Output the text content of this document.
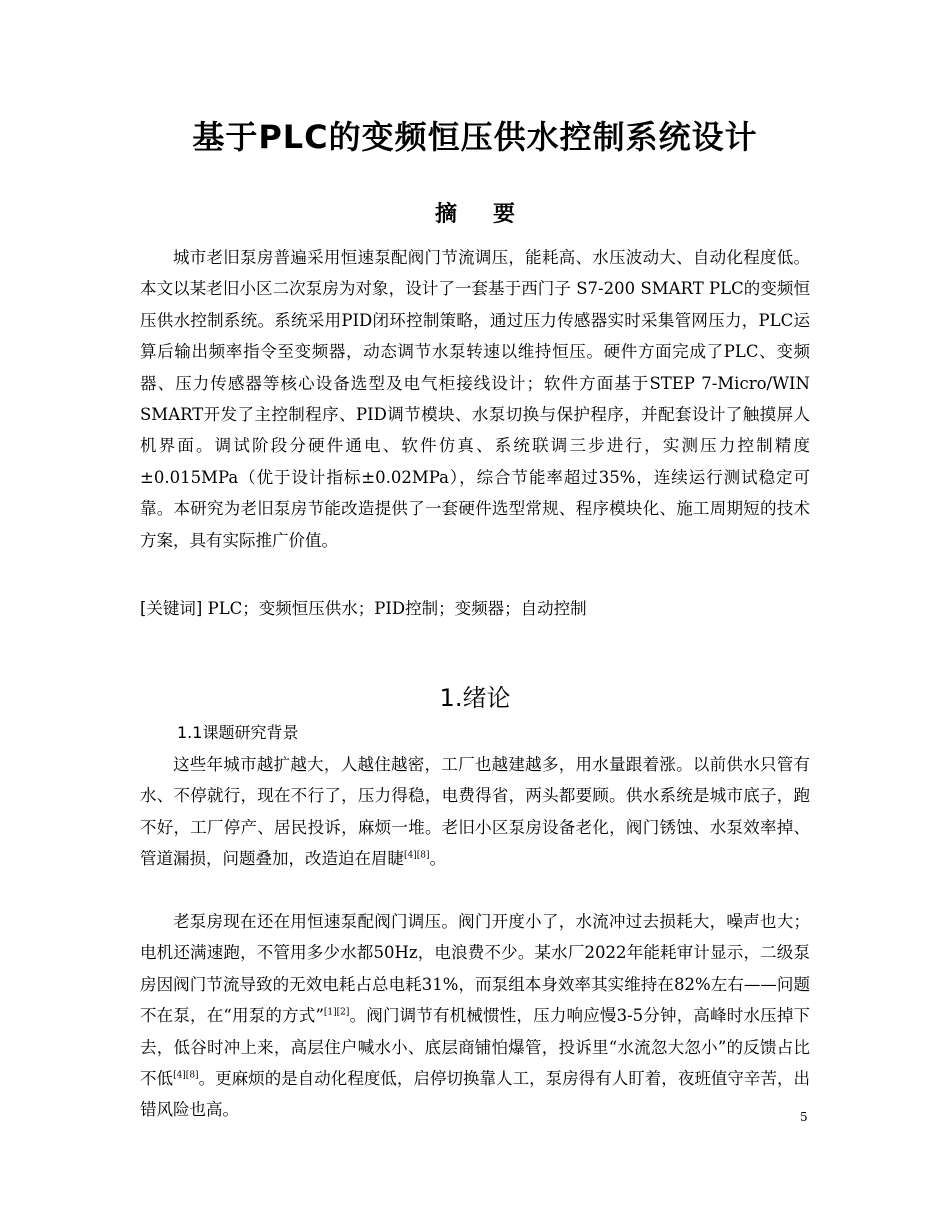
基于PLC的变频恒压供水控制系统设计
摘要

城市老旧泵房普遍采用恒速泵配阀门节流调压，能耗高、水压波动大、自动化程度低。本文以某老旧小区二次泵房为对象，设计了一套基于西门子 S7-200 SMART PLC的变频恒压供水控制系统。系统采用PID闭环控制策略，通过压力传感器实时采集管网压力，PLC运算后输出频率指令至变频器，动态调节水泵转速以维持恒压。硬件方面完成了PLC、变频器、压力传感器等核心设备选型及电气柜接线设计；软件方面基于STEP 7-Micro/WIN SMART开发了主控制程序、PID调节模块、水泵切换与保护程序，并配套设计了触摸屏人机界面。调试阶段分硬件通电、软件仿真、系统联调三步进行，实测压力控制精度±0.015MPa（优于设计指标±0.02MPa），综合节能率超过35%，连续运行测试稳定可靠。本研究为老旧泵房节能改造提供了一套硬件选型常规、程序模块化、施工周期短的技术方案，具有实际推广价值。

[关键词] PLC；变频恒压供水；PID控制；变频器；自动控制

1.绪论
1.1课题研究背景

这些年城市越扩越大，人越住越密，工厂也越建越多，用水量跟着涨。以前供水只管有水、不停就行，现在不行了，压力得稳，电费得省，两头都要顾。供水系统是城市底子，跑不好，工厂停产、居民投诉，麻烦一堆。老旧小区泵房设备老化，阀门锈蚀、水泵效率掉、管道漏损，问题叠加，改造迫在眉睫[4][8]。

老泵房现在还在用恒速泵配阀门调压。阀门开度小了，水流冲过去损耗大，噪声也大；电机还满速跑，不管用多少水都50Hz，电浪费不少。某水厂2022年能耗审计显示，二级泵房因阀门节流导致的无效电耗占总电耗31%，而泵组本身效率其实维持在82%左右——问题不在泵，在“用泵的方式”[1][2]。阀门调节有机械惯性，压力响应慢3-5分钟，高峰时水压掉下去，低谷时冲上来，高层住户喊水小、底层商铺怕爆管，投诉里“水流忽大忽小”的反馈占比不低[4][8]。更麻烦的是自动化程度低，启停切换靠人工，泵房得有人盯着，夜班值守辛苦，出错风险也高。	5
